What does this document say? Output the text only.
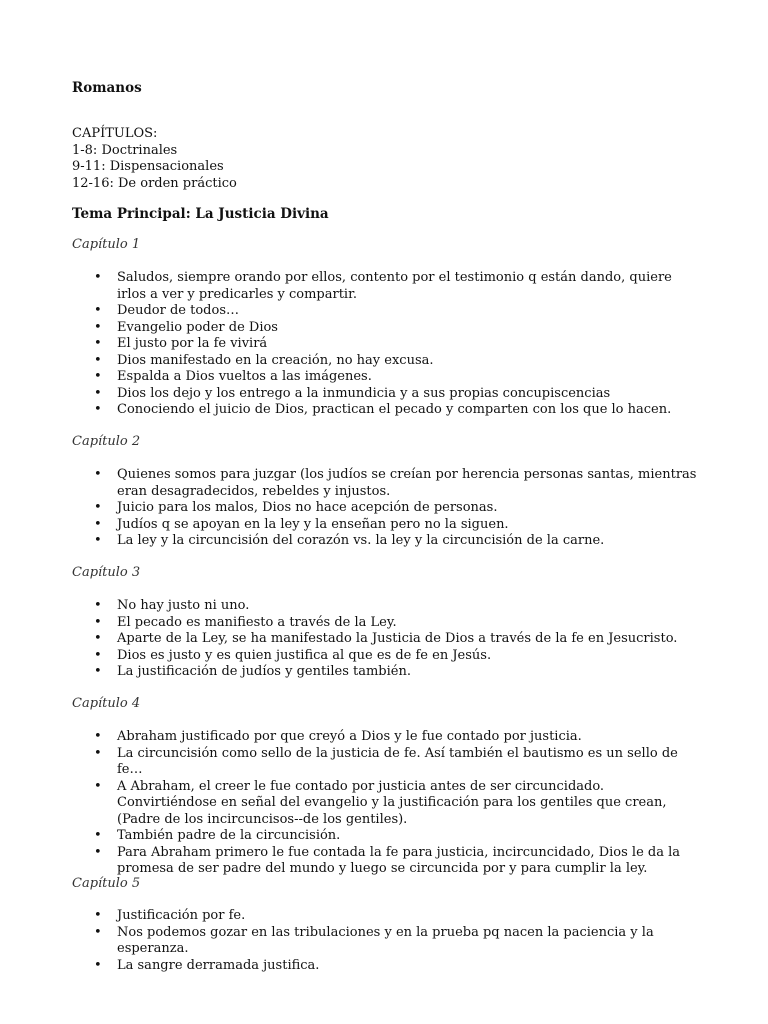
Romanos
CAPÍTULOS:
1-8: Doctrinales
9-11: Dispensacionales
12-16: De orden práctico
Tema Principal: La Justicia Divina
Capítulo 1
• Saludos, siempre orando por ellos, contento por el testimonio q están dando, quiere irlos a ver y predicarles y compartir.
• Deudor de todos…
• Evangelio poder de Dios
• El justo por la fe vivirá
• Dios manifestado en la creación, no hay excusa.
• Espalda a Dios vueltos a las imágenes.
• Dios los dejo y los entrego a la inmundicia y a sus propias concupiscencias
• Conociendo el juicio de Dios, practican el pecado y comparten con los que lo hacen.
Capítulo 2
• Quienes somos para juzgar (los judíos se creían por herencia personas santas, mientras eran desagradecidos, rebeldes y injustos.
• Juicio para los malos, Dios no hace acepción de personas.
• Judíos q se apoyan en la ley y la enseñan pero no la siguen.
• La ley y la circuncisión del corazón vs. la ley y la circuncisión de la carne.
Capítulo 3
• No hay justo ni uno.
• El pecado es manifiesto a través de la Ley.
• Aparte de la Ley, se ha manifestado la Justicia de Dios a través de la fe en Jesucristo.
• Dios es justo y es quien justifica al que es de fe en Jesús.
• La justificación de judíos y gentiles también.
Capítulo 4
• Abraham justificado por que creyó a Dios y le fue contado por justicia.
• La circuncisión como sello de la justicia de fe. Así también el bautismo es un sello de fe…
• A Abraham, el creer le fue contado por justicia antes de ser circuncidado. Convirtiéndose en señal del evangelio y la justificación para los gentiles que crean, (Padre de los incircuncisos--de los gentiles).
• También padre de la circuncisión.
• Para Abraham primero le fue contada la fe para justicia, incircuncidado, Dios le da la promesa de ser padre del mundo y luego se circuncida por y para cumplir la ley.
Capítulo 5
• Justificación por fe.
• Nos podemos gozar en las tribulaciones y en la prueba pq nacen la paciencia y la esperanza.
• La sangre derramada justifica.
